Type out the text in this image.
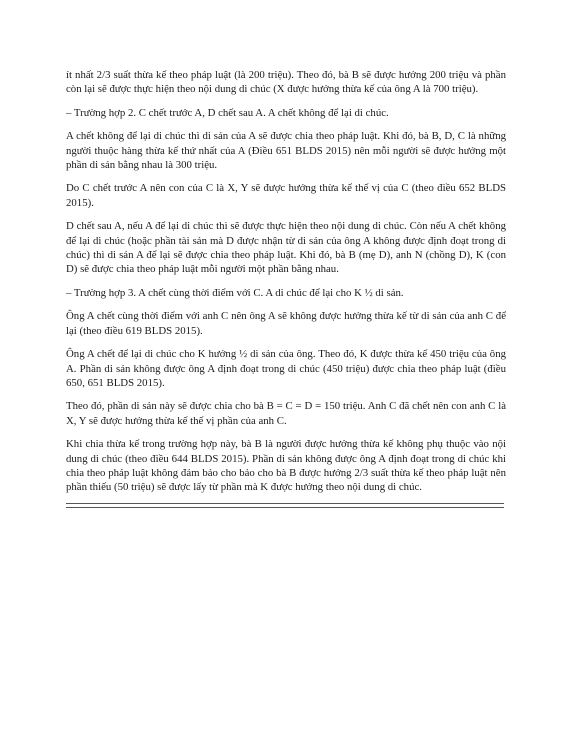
ít nhất 2/3 suất thừa kế theo pháp luật (là 200 triệu). Theo đó, bà B sẽ được hưởng 200 triệu và phần còn lại sẽ được thực hiện theo nội dung di chúc (X được hưởng thừa kế của ông A là 700 triệu).

– Trường hợp 2. C chết trước A, D chết sau A. A chết không để lại di chúc.

A chết không để lại di chúc thì di sản của A sẽ được chia theo pháp luật. Khi đó, bà B, D, C là những người thuộc hàng thừa kế thứ nhất của A (Điều 651 BLDS 2015) nên mỗi người sẽ được hưởng một phần di sản bằng nhau là 300 triệu.

Do C chết trước A nên con của C là X, Y sẽ được hưởng thừa kế thế vị của C (theo điều 652 BLDS 2015).

D chết sau A, nếu A để lại di chúc thì sẽ được thực hiện theo nội dung di chúc. Còn nếu A chết không để lại di chúc (hoặc phần tài sản mà D được nhận từ di sản của ông A không được định đoạt trong di chúc) thì di sản A để lại sẽ được chia theo pháp luật. Khi đó, bà B (mẹ D), anh N (chồng D), K (con D) sẽ được chia theo pháp luật mỗi người một phần bằng nhau.

– Trường hợp 3. A chết cùng thời điểm với C. A di chúc để lại cho K ½ di sản.

Ông A chết cùng thời điểm với anh C nên ông A sẽ không được hưởng thừa kế từ di sản của anh C để lại (theo điều 619 BLDS 2015).

Ông A chết để lại di chúc cho K hưởng ½ di sản của ông. Theo đó, K được thừa kế 450 triệu của ông A. Phần di sản không được ông A định đoạt trong di chúc (450 triệu) được chia theo pháp luật (điều 650, 651 BLDS 2015).

Theo đó, phần di sản này sẽ được chia cho bà B = C = D = 150 triệu. Anh C đã chết nên con anh C là X, Y sẽ được hưởng thừa kế thế vị phần của anh C.

Khi chia thừa kế trong trường hợp này, bà B là người được hưởng thừa kế không phụ thuộc vào nội dung di chúc (theo điều 644 BLDS 2015). Phần di sản không được ông A định đoạt trong di chúc khi chia theo pháp luật không đảm bảo cho bảo cho bà B được hưởng 2/3 suất thừa kế theo pháp luật nên phần thiếu (50 triệu) sẽ được lấy từ phần mà K được hưởng theo nội dung di chúc.
